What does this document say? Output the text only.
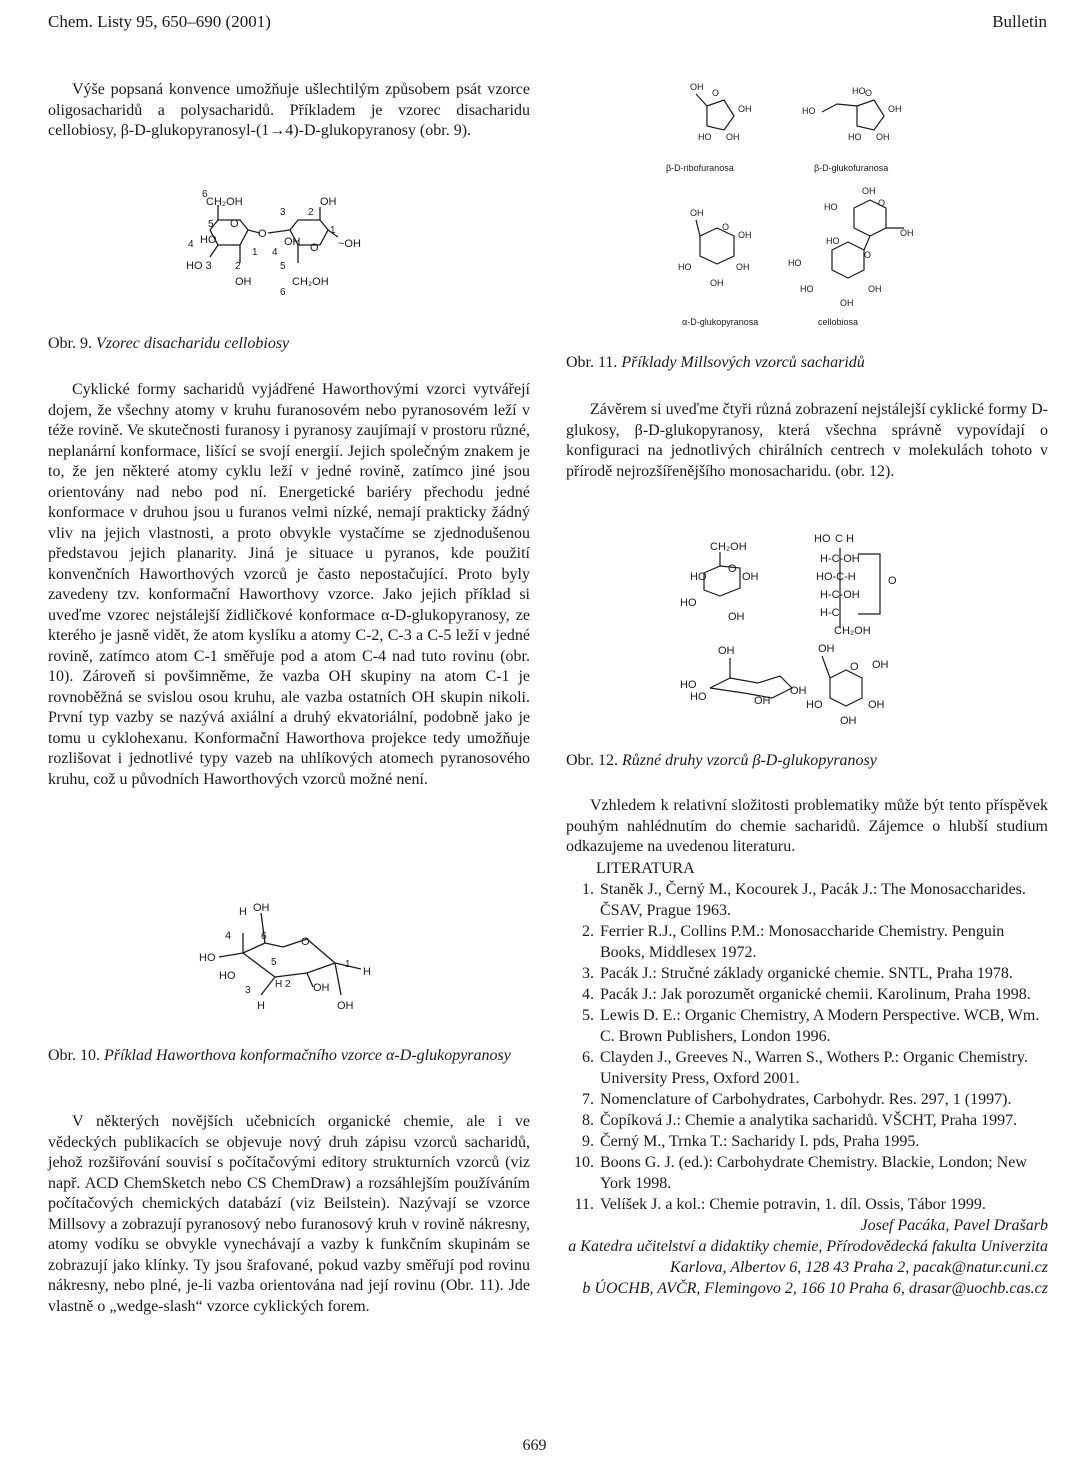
Chem. Listy 95, 650–690 (2001)	Bulletin

Výše popsaná konvence umožňuje ušlechtilým způsobem psát vzorce oligosacharidů a polysacharidů. Příkladem je vzorec disacharidu cellobiosy, β-D-glukopyranosyl-(1→4)-D-glukopyranosy (obr. 9).

6
CH₂OH
5 O
4 HO
HO 3 2
OH
O
1
3 2
OH
OH
4	O ~OH
1
5
CH₂OH
6
Obr. 9. Vzorec disacharidu cellobiosy

Cyklické formy sacharidů vyjádřené Haworthovými vzorci vytvářejí dojem, že všechny atomy v kruhu furanosovém nebo pyranosovém leží v téže rovině. Ve skutečnosti furanosy i pyranosy zaujímají v prostoru různé, neplanární konformace, lišící se svojí energií. Jejich společným znakem je to, že jen některé atomy cyklu leží v jedné rovině, zatímco jiné jsou orientovány nad nebo pod ní. Energetické bariéry přechodu jedné konformace v druhou jsou u furanos velmi nízké, nemají prakticky žádný vliv na jejich vlastnosti, a proto obvykle vystačíme se zjednodušenou představou jejich planarity. Jiná je situace u pyranos, kde použití konvenčních Haworthových vzorců je často nepostačující. Proto byly zavedeny tzv. konformační Haworthovy vzorce. Jako jejich příklad si uveďme vzorec nejstálejší židličkové konformace α-D-glukopyranosy, ze kterého je jasně vidět, že atom kyslíku a atomy C-2, C-3 a C-5 leží v jedné rovině, zatímco atom C-1 směřuje pod a atom C-4 nad tuto rovinu (obr. 10). Zároveň si povšimněme, že vazba OH skupiny na atom C-1 je rovnoběžná se svislou osou kruhu, ale vazba ostatních OH skupin nikoli. První typ vazby se nazývá axiální a druhý ekvatoriální, podobně jako je tomu u cyklohexanu. Konformační Haworthova projekce tedy umožňuje rozlišovat i jednotlivé typy vazeb na uhlíkových atomech pyranosového kruhu, což u původních Haworthových vzorců možné není.

H OH
4	6
HO	5
O
1
H
HO
3
H 2 OH
H	OH
Obr. 10. Příklad Haworthova konformačního vzorce α-D-glukopyranosy

V některých novějších učebnicích organické chemie, ale i ve vědeckých publikacích se objevuje nový druh zápisu vzorců sacharidů, jehož rozšiřování souvisí s počítačovými editory strukturních vzorců (viz např. ACD ChemSketch nebo CS ChemDraw) a rozsáhlejším používáním počítačových chemických databází (viz Beilstein). Nazývají se vzorce Millsovy a zobrazují pyranosový nebo furanosový kruh v rovině nákresny, atomy vodíku se obvykle vynechávají a vazby k funkčním skupinám se zobrazují jako klínky. Ty jsou šrafované, pokud vazby směřují pod rovinu nákresny, nebo plné, je-li vazba orientována nad její rovinu (Obr. 11). Jde vlastně o „wedge-slash“ vzorce cyklických forem.

OH
O
OH
HO OH
HO
HO
O
OH
HO OH
OH
O
OH
HO	OH
OH
OH
HO	O
HO
OH
O
HO
HO	OH
OH
β-D-ribofuranosa	β-D-glukofuranosa
α-D-glukopyranosa	cellobiosa
Obr. 11. Příklady Millsových vzorců sacharidů

Závěrem si uveďme čtyři různá zobrazení nejstálejší cyklické formy D-glukosy, β-D-glukopyranosy, která všechna správně vypovídají o konfiguraci na jednotlivých chirálních centrech v molekulách tohoto v přírodě nejrozšířenějšího monosacharidu. (obr. 12).

CH₂OH
O
HO	OH
HO
OH
HO C H
H-C-OH
HO-C-H	O
H-C-OH
H-C
CH₂OH
OH
HO
HO	OH
OH
OH
O OH
HO	OH
OH
Obr. 12. Různé druhy vzorců β-D-glukopyranosy

Vzhledem k relativní složitosti problematiky může být tento příspěvek pouhým nahlédnutím do chemie sacharidů. Zájemce o hlubší studium odkazujeme na uvedenou literaturu.

LITERATURA
1. Staněk J., Černý M., Kocourek J., Pacák J.: The Monosaccharides. ČSAV, Prague 1963.
2. Ferrier R.J., Collins P.M.: Monosaccharide Chemistry. Penguin Books, Middlesex 1972.
3. Pacák J.: Stručné základy organické chemie. SNTL, Praha 1978.
4. Pacák J.: Jak porozumět organické chemii. Karolinum, Praha 1998.
5. Lewis D. E.: Organic Chemistry, A Modern Perspective. WCB, Wm. C. Brown Publishers, London 1996.
6. Clayden J., Greeves N., Warren S., Wothers P.: Organic Chemistry. University Press, Oxford 2001.
7. Nomenclature of Carbohydrates, Carbohydr. Res. 297, 1 (1997).
8. Čopíková J.: Chemie a analytika sacharidů. VŠCHT, Praha 1997.
9. Černý M., Trnka T.: Sacharidy I. pds, Praha 1995.
10. Boons G. J. (ed.): Carbohydrate Chemistry. Blackie, London; New York 1998.
11. Velíšek J. a kol.: Chemie potravin, 1. díl. Ossis, Tábor 1999.
Josef Pacáka, Pavel Drašarb
a Katedra učitelství a didaktiky chemie, Přírodovědecká fakulta Univerzita Karlova, Albertov 6, 128 43 Praha 2, pacak@natur.cuni.cz
b ÚOCHB, AVČR, Flemingovo 2, 166 10 Praha 6, drasar@uochb.cas.cz
669
